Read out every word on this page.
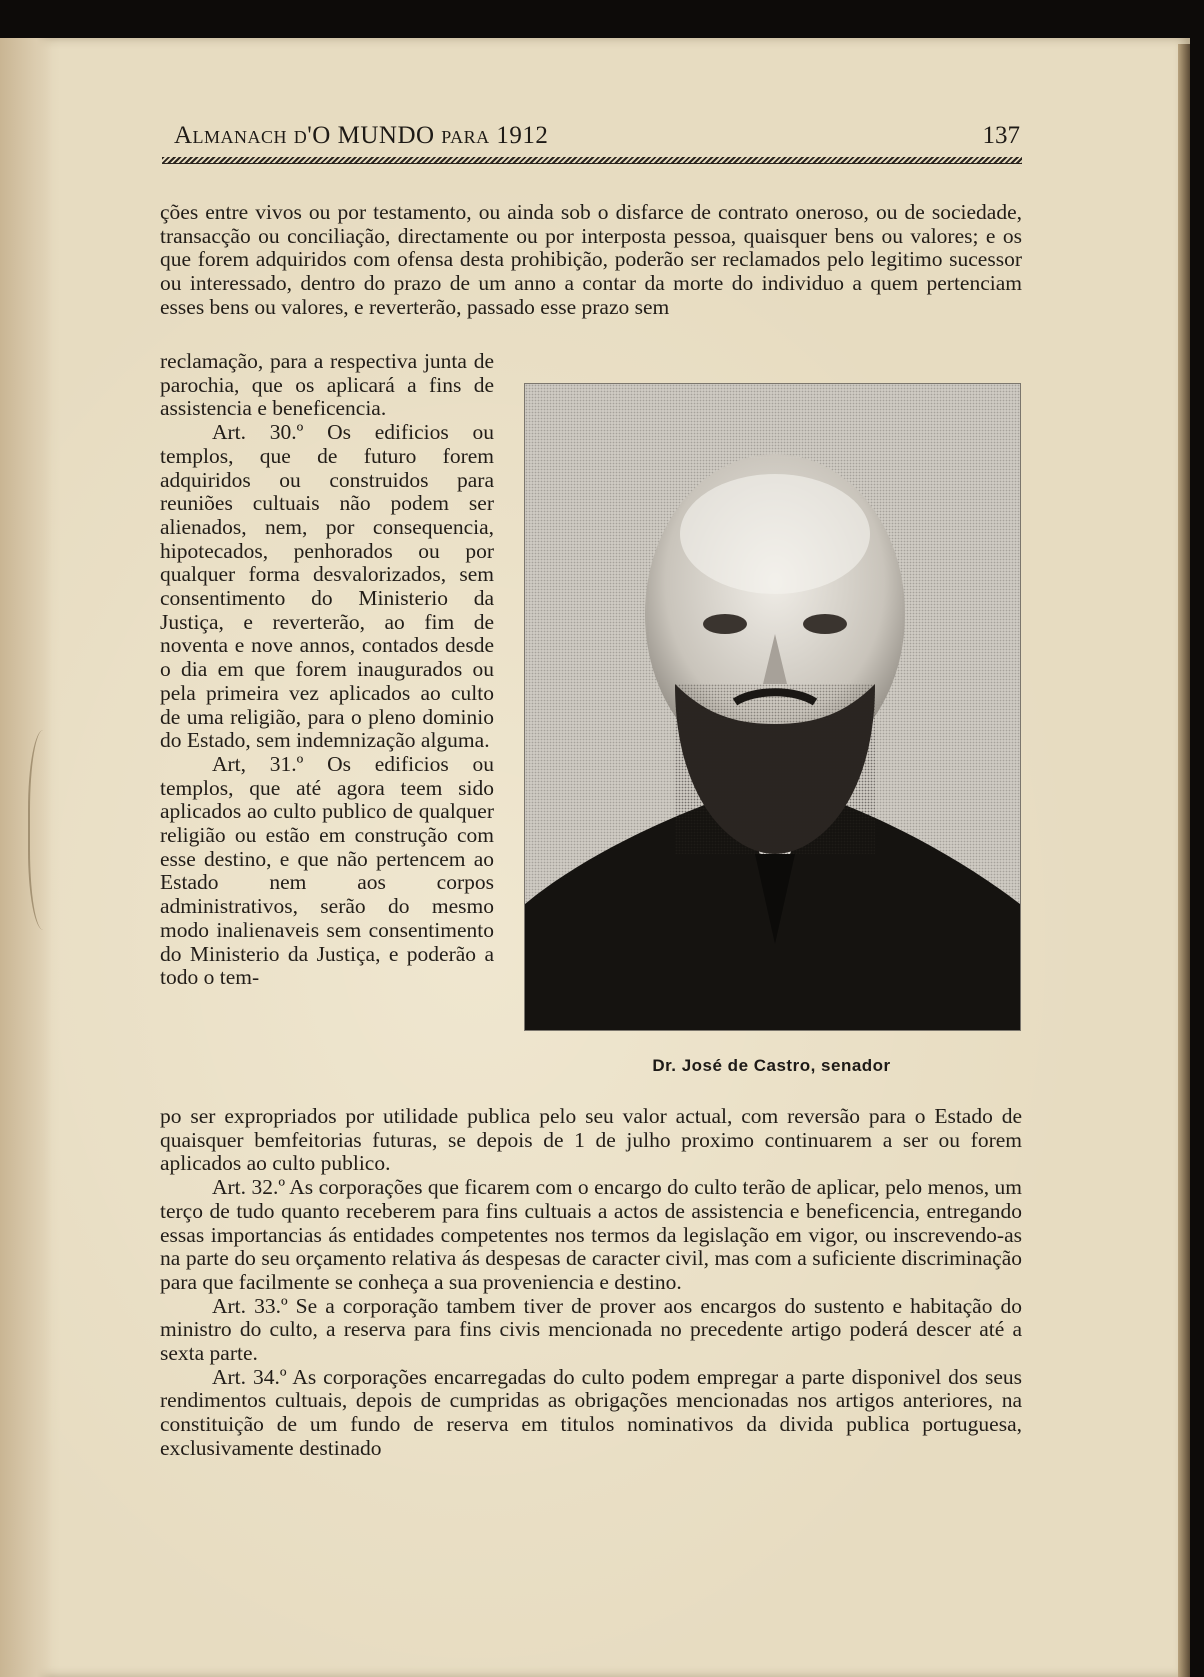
Almanach d'O MUNDO para 1912	137

ções entre vivos ou por testamento, ou ainda sob o disfarce de contrato oneroso, ou de sociedade, transacção ou conciliação, directamente ou por interposta pessoa, quaisquer bens ou valores; e os que forem adquiridos com ofensa desta prohibição, poderão ser reclamados pelo legitimo sucessor ou interessado, dentro do prazo de um anno a contar da morte do individuo a quem pertenciam esses bens ou valores, e reverterão, passado esse prazo sem

reclamação, para a respectiva junta de parochia, que os aplicará a fins de assistencia e beneficencia.

Art. 30.º Os edificios ou templos, que de futuro forem adquiridos ou construidos para reuniões cultuais não podem ser alienados, nem, por consequencia, hipotecados, penhorados ou por qualquer forma desvalorizados, sem consentimento do Ministerio da Justiça, e reverterão, ao fim de noventa e nove annos, contados desde o dia em que forem inaugurados ou pela primeira vez aplicados ao culto de uma religião, para o pleno dominio do Estado, sem indemnização alguma.

Art, 31.º Os edificios ou templos, que até agora teem sido aplicados ao culto publico de qualquer religião ou estão em construção com esse destino, e que não pertencem ao Estado nem aos corpos administrativos, serão do mesmo modo inalienaveis sem consentimento do Ministerio da Justiça, e poderão a todo o tem-

Dr. José de Castro, senador

po ser expropriados por utilidade publica pelo seu valor actual, com reversão para o Estado de quaisquer bemfeitorias futuras, se depois de 1 de julho proximo continuarem a ser ou forem aplicados ao culto publico.

Art. 32.º As corporações que ficarem com o encargo do culto terão de aplicar, pelo menos, um terço de tudo quanto receberem para fins cultuais a actos de assistencia e beneficencia, entregando essas importancias ás entidades competentes nos termos da legislação em vigor, ou inscrevendo-as na parte do seu orçamento relativa ás despesas de caracter civil, mas com a suficiente discriminação para que facilmente se conheça a sua proveniencia e destino.

Art. 33.º Se a corporação tambem tiver de prover aos encargos do sustento e habitação do ministro do culto, a reserva para fins civis mencionada no precedente artigo poderá descer até a sexta parte.

Art. 34.º As corporações encarregadas do culto podem empregar a parte disponivel dos seus rendimentos cultuais, depois de cumpridas as obrigações mencionadas nos artigos anteriores, na constituição de um fundo de reserva em titulos nominativos da divida publica portuguesa, exclusivamente destinado
